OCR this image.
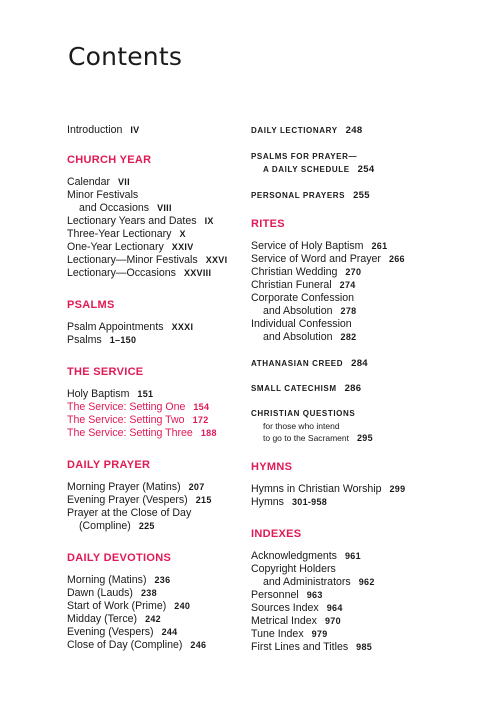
Contents
Introduction IV
CHURCH YEAR
Calendar VII
Minor Festivals
and Occasions VIII
Lectionary Years and Dates IX
Three-Year Lectionary X
One-Year Lectionary XXIV
Lectionary—Minor Festivals XXVI
Lectionary—Occasions XXVIII
PSALMS
Psalm Appointments XXXI
Psalms 1–150
THE SERVICE
Holy Baptism 151
The Service: Setting One 154
The Service: Setting Two 172
The Service: Setting Three 188
DAILY PRAYER
Morning Prayer (Matins) 207
Evening Prayer (Vespers) 215
Prayer at the Close of Day
(Compline) 225
DAILY DEVOTIONS
Morning (Matins) 236
Dawn (Lauds) 238
Start of Work (Prime) 240
Midday (Terce) 242
Evening (Vespers) 244
Close of Day (Compline) 246
DAILY LECTIONARY 248
PSALMS FOR PRAYER—
A DAILY SCHEDULE 254
PERSONAL PRAYERS 255
RITES
Service of Holy Baptism 261
Service of Word and Prayer 266
Christian Wedding 270
Christian Funeral 274
Corporate Confession
and Absolution 278
Individual Confession
and Absolution 282
ATHANASIAN CREED 284
SMALL CATECHISM 286
CHRISTIAN QUESTIONS
for those who intend
to go to the Sacrament 295
HYMNS
Hymns in Christian Worship 299
Hymns 301-958
INDEXES
Acknowledgments 961
Copyright Holders
and Administrators 962
Personnel 963
Sources Index 964
Metrical Index 970
Tune Index 979
First Lines and Titles 985
